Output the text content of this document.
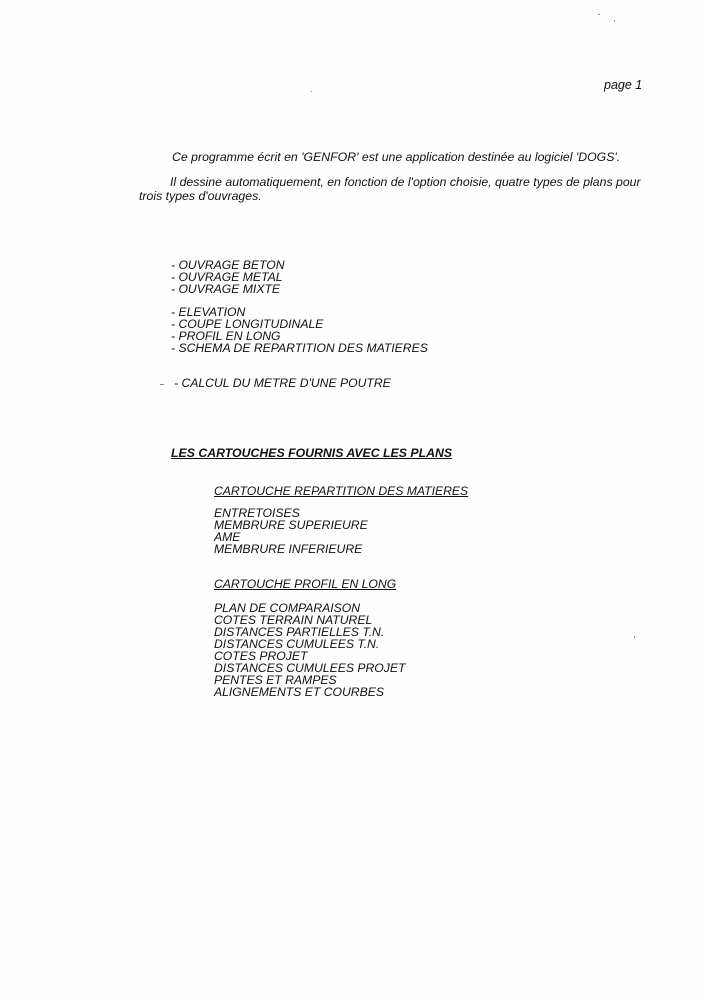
page 1
Ce programme écrit en 'GENFOR' est une application destinée au logiciel 'DOGS'.
Il dessine automatiquement, en fonction de l'option choisie, quatre types de plans pour trois types d'ouvrages.
- OUVRAGE BETON
- OUVRAGE METAL
- OUVRAGE MIXTE
- ELEVATION
- COUPE LONGITUDINALE
- PROFIL EN LONG
- SCHEMA DE REPARTITION DES MATIERES
- CALCUL DU METRE D'UNE POUTRE
LES CARTOUCHES FOURNIS AVEC LES PLANS
CARTOUCHE REPARTITION DES MATIERES
ENTRETOISES
MEMBRURE SUPERIEURE
AME
MEMBRURE INFERIEURE
CARTOUCHE PROFIL EN LONG
PLAN DE COMPARAISON
COTES TERRAIN NATUREL
DISTANCES PARTIELLES T.N.
DISTANCES CUMULEES T.N.
COTES PROJET
DISTANCES CUMULEES PROJET
PENTES ET RAMPES
ALIGNEMENTS ET COURBES
